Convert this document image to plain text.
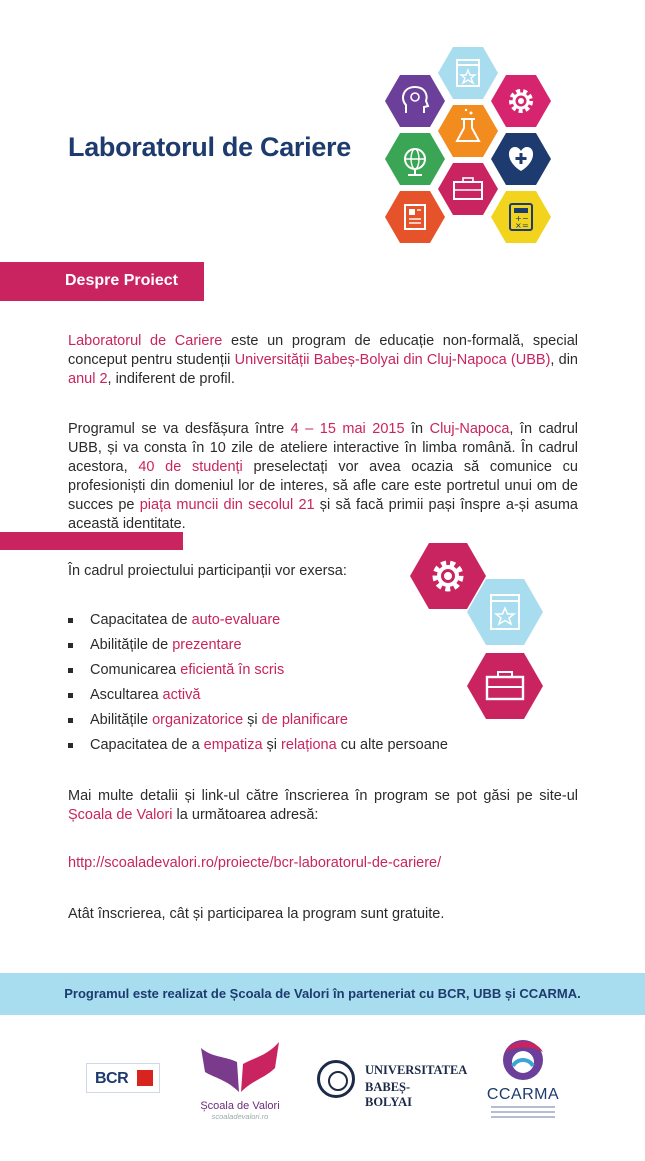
Laboratorul de Cariere
+ −
× =
Despre Proiect

Laboratorul de Cariere este un program de educație non-formală, special conceput pentru studenții Universității Babeș-Bolyai din Cluj-Napoca (UBB), din anul 2, indiferent de profil.

Programul se va desfășura între 4 – 15 mai 2015 în Cluj-Napoca, în cadrul UBB, și va consta în 10 zile de ateliere interactive în limba română. În cadrul acestora, 40 de studenți preselectați vor avea ocazia să comunice cu profesioniști din domeniul lor de interes, să afle care este portretul unui om de succes pe piața muncii din secolul 21 și să facă primii pași înspre a-și asuma această identitate.

În cadrul proiectului participanții vor exersa:

Capacitatea de auto-evaluare
Abilitățile de prezentare
Comunicarea eficientă în scris
Ascultarea activă
Abilitățile organizatorice și de planificare
Capacitatea de a empatiza și relaționa cu alte persoane

Mai multe detalii și link-ul către înscrierea în program se pot găsi pe site-ul Școala de Valori la următoarea adresă:

http://scoaladevalori.ro/proiecte/bcr-laboratorul-de-cariere/

Atât înscrierea, cât și participarea la program sunt gratuite.

Programul este realizat de Școala de Valori în parteneriat cu BCR, UBB și CCARMA.
BCR
Școala de Valori
scoaladevalori.ro
UNIVERSITATEA
BABEȘ-BOLYAI	CCARMA
